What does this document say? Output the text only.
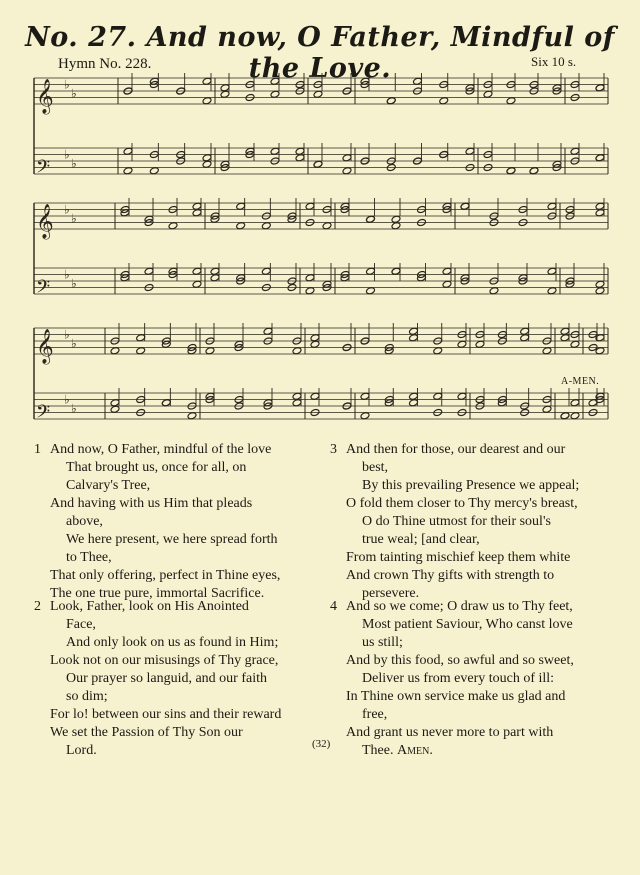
No. 27. And now, O Father, Mindful of the Love.
Hymn No. 228.	Six 10 s.
𝄞 ♭
♭
𝄢
♭
♭
𝄞 ♭
♭
𝄢
♭
♭
𝄞 ♭
♭
𝄢
♭
♭
A-MEN.
1 And now, O Father, mindful of the love
That brought us, once for all, on
Calvary's Tree,
And having with us Him that pleads
above,
We here present, we here spread forth
to Thee,
That only offering, perfect in Thine eyes,
The one true pure, immortal Sacrifice.
2 Look, Father, look on His Anointed
Face,
And only look on us as found in Him;
Look not on our misusings of Thy grace,
Our prayer so languid, and our faith
so dim;
For lo! between our sins and their reward
We set the Passion of Thy Son our
Lord.
3 And then for those, our dearest and our
best,
By this prevailing Presence we appeal;
O fold them closer to Thy mercy's breast,
O do Thine utmost for their soul's
true weal; [and clear,
From tainting mischief keep them white
And crown Thy gifts with strength to
persevere.
4 And so we come; O draw us to Thy feet,
Most patient Saviour, Who canst love
us still;
And by this food, so awful and so sweet,
Deliver us from every touch of ill:
In Thine own service make us glad and
free,
And grant us never more to part with
Thee. Amen.
(32)
